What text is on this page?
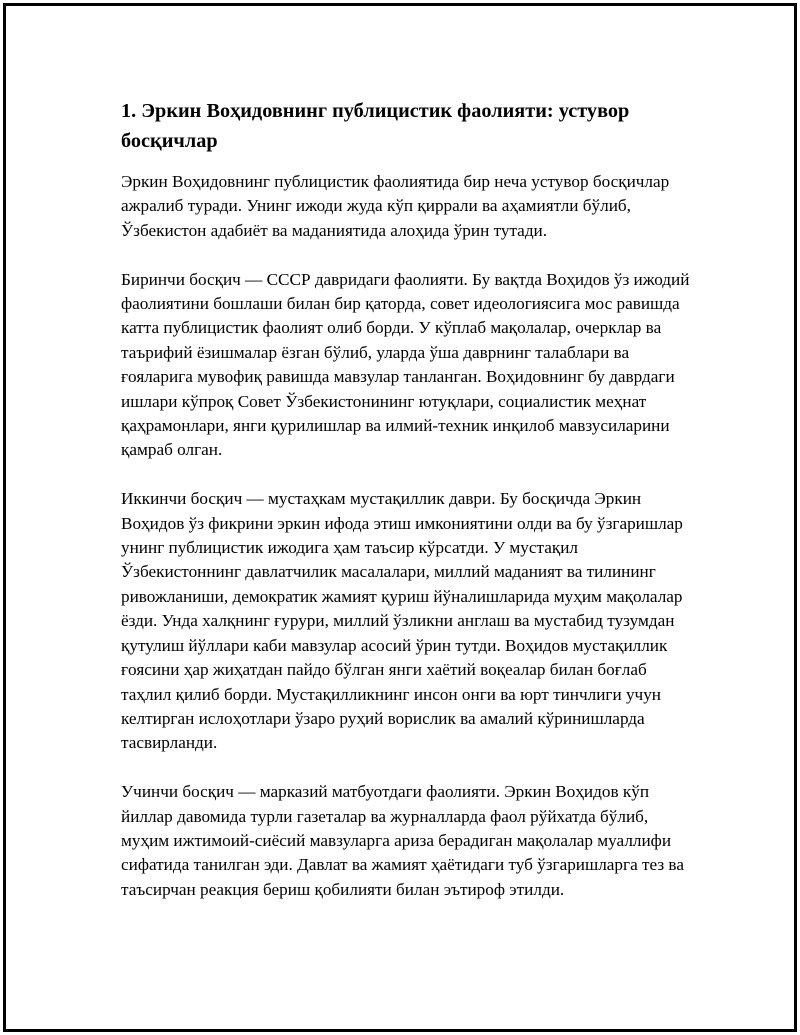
1. Эркин Воҳидовнинг публицистик фаолияти: устувор босқичлар

Эркин Воҳидовнинг публицистик фаолиятида бир неча устувор босқичлар ажралиб туради. Унинг ижоди жуда кўп қиррали ва аҳамиятли бўлиб, Ўзбекистон адабиёт ва маданиятида алоҳида ўрин тутади.

Биринчи босқич — СССР давридаги фаолияти. Бу вақтда Воҳидов ўз ижодий фаолиятини бошлаши билан бир қаторда, совет идеологиясига мос равишда катта публицистик фаолият олиб борди. У кўплаб мақолалар, очерклар ва таърифий ёзишмалар ёзган бўлиб, уларда ўша даврнинг талаблари ва ғояларига мувофиқ равишда мавзулар танланган. Воҳидовнинг бу даврдаги ишлари кўпроқ Совет Ўзбекистонининг ютуқлари, социалистик меҳнат қаҳрамонлари, янги қурилишлар ва илмий-техник инқилоб мавзусиларини қамраб олган.

Иккинчи босқич — мустаҳкам мустақиллик даври. Бу босқичда Эркин Воҳидов ўз фикрини эркин ифода этиш имкониятини олди ва бу ўзгаришлар унинг публицистик ижодига ҳам таъсир кўрсатди. У мустақил Ўзбекистоннинг давлатчилик масалалари, миллий маданият ва тилининг ривожланиши, демократик жамият қуриш йўналишларида муҳим мақолалар ёзди. Унда халқнинг ғурури, миллий ўзликни англаш ва мустабид тузумдан қутулиш йўллари каби мавзулар асосий ўрин тутди. Воҳидов мустақиллик ғоясини ҳар жиҳатдан пайдо бўлган янги хаётий воқеалар билан боғлаб таҳлил қилиб борди. Мустақилликнинг инсон онги ва юрт тинчлиги учун келтирган ислоҳотлари ўзаро руҳий ворислик ва амалий кўринишларда тасвирланди.

Учинчи босқич — марказий матбуотдаги фаолияти. Эркин Воҳидов кўп йиллар давомида турли газеталар ва журналларда фаол рўйхатда бўлиб, муҳим ижтимоий-сиёсий мавзуларга ариза берадиган мақолалар муаллифи сифатида танилган эди. Давлат ва жамият ҳаётидаги туб ўзгаришларга тез ва таъсирчан реакция бериш қобилияти билан эътироф этилди.
